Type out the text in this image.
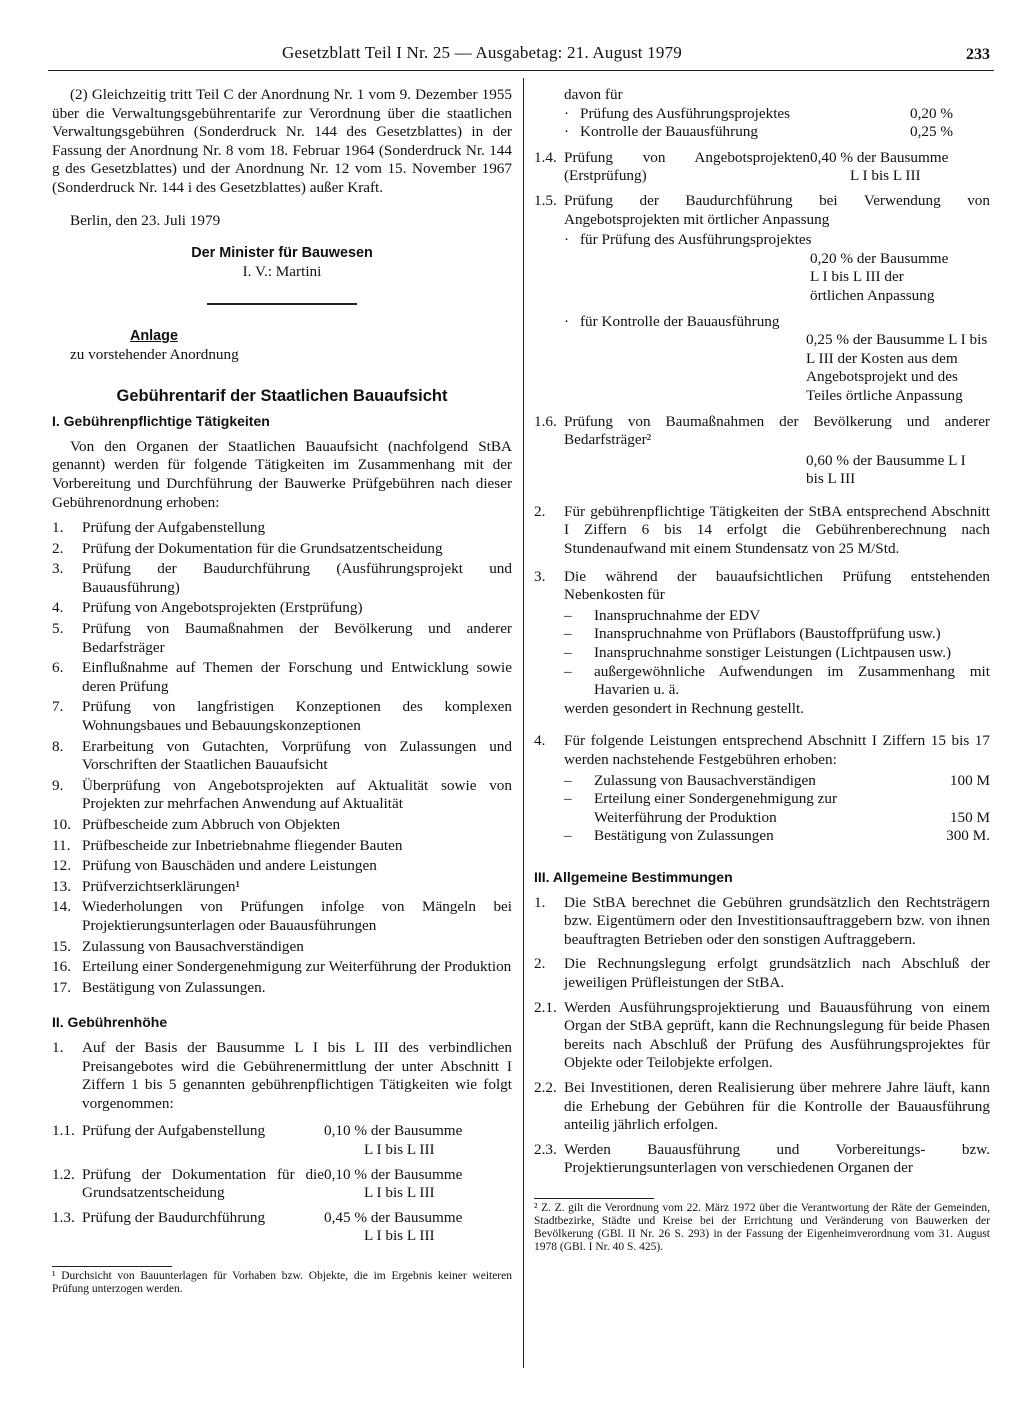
Gesetzblatt Teil I Nr. 25 — Ausgabetag: 21. August 1979	233

(2) Gleichzeitig tritt Teil C der Anordnung Nr. 1 vom 9. Dezember 1955 über die Verwaltungsgebührentarife zur Verordnung über die staatlichen Verwaltungsgebühren (Sonderdruck Nr. 144 des Gesetzblattes) in der Fassung der Anordnung Nr. 8 vom 18. Februar 1964 (Sonderdruck Nr. 144 g des Gesetzblattes) und der Anordnung Nr. 12 vom 15. November 1967 (Sonderdruck Nr. 144 i des Gesetzblattes) außer Kraft.

Berlin, den 23. Juli 1979

Der Minister für Bauwesen

I. V.: Martini

Anlage

zu vorstehender Anordnung

Gebührentarif der Staatlichen Bauaufsicht

I. Gebührenpflichtige Tätigkeiten

Von den Organen der Staatlichen Bauaufsicht (nachfolgend StBA genannt) werden für folgende Tätigkeiten im Zusammenhang mit der Vorbereitung und Durchführung der Bauwerke Prüfgebühren nach dieser Gebührenordnung erhoben:

1.	Prüfung der Aufgabenstellung
2.	Prüfung der Dokumentation für die Grundsatzentscheidung
3.	Prüfung der Baudurchführung (Ausführungsprojekt und Bauausführung)
4.	Prüfung von Angebotsprojekten (Erstprüfung)
5.	Prüfung von Baumaßnahmen der Bevölkerung und anderer Bedarfsträger
6.	Einflußnahme auf Themen der Forschung und Entwicklung sowie deren Prüfung
7.	Prüfung von langfristigen Konzeptionen des komplexen Wohnungsbaues und Bebauungskonzeptionen
8.	Erarbeitung von Gutachten, Vorprüfung von Zulassungen und Vorschriften der Staatlichen Bauaufsicht
9.	Überprüfung von Angebotsprojekten auf Aktualität sowie von Projekten zur mehrfachen Anwendung auf Aktualität
10. Prüfbescheide zum Abbruch von Objekten
11. Prüfbescheide zur Inbetriebnahme fliegender Bauten
12. Prüfung von Bauschäden und andere Leistungen
13. Prüfverzichtserklärungen¹
14. Wiederholungen von Prüfungen infolge von Mängeln bei Projektierungsunterlagen oder Bauausführungen
15. Zulassung von Bausachverständigen
16. Erteilung einer Sondergenehmigung zur Weiterführung der Produktion
17. Bestätigung von Zulassungen.

II. Gebührenhöhe

1.	Auf der Basis der Bausumme L I bis L III des verbindlichen Preisangebotes wird die Gebührenermittlung der unter Abschnitt I Ziffern 1 bis 5 genannten gebührenpflichtigen Tätigkeiten wie folgt vorgenommen:
1.1. Prüfung der Aufgabenstellung	0,10 % der Bausumme
L I bis L III
1.2. Prüfung der Dokumentation für die Grundsatzentscheidung
0,10 % der Bausumme
L I bis L III
1.3. Prüfung der Baudurchführung	0,45 % der Bausumme
L I bis L III

¹ Durchsicht von Bauunterlagen für Vorhaben bzw. Objekte, die im Ergebnis keiner weiteren Prüfung unterzogen werden.

davon für

· Prüfung des Ausführungsprojektes	0,20 %
· Kontrolle der Bauausführung	0,25 %
1.4. Prüfung von Angebotsprojekten (Erstprüfung)
0,40 % der Bausumme
L I bis L III
1.5. Prüfung der Baudurchführung bei Verwendung von Angebotsprojekten mit örtlicher Anpassung
· für Prüfung des Ausführungsprojektes

0,20 % der Bausumme L I bis L III der örtlichen Anpassung

· für Kontrolle der Bauausführung

0,25 % der Bausumme L I bis L III der Kosten aus dem Angebotsprojekt und des Teiles örtliche Anpassung

1.6. Prüfung von Baumaßnahmen der Bevölkerung und anderer Bedarfsträger²

0,60 % der Bausumme L I bis L III

2.	Für gebührenpflichtige Tätigkeiten der StBA entsprechend Abschnitt I Ziffern 6 bis 14 erfolgt die Gebührenberechnung nach Stundenaufwand mit einem Stundensatz von 25 M/Std.
3.	Die während der bauaufsichtlichen Prüfung entstehenden Nebenkosten für
–	Inanspruchnahme der EDV
–	Inanspruchnahme von Prüflabors (Baustoffprüfung usw.)
–	Inanspruchnahme sonstiger Leistungen (Lichtpausen usw.)
–	außergewöhnliche Aufwendungen im Zusammenhang mit Havarien u. ä.

werden gesondert in Rechnung gestellt.

4.	Für folgende Leistungen entsprechend Abschnitt I Ziffern 15 bis 17 werden nachstehende Festgebühren erhoben:
–	Zulassung von Bausachverständigen	100 M
–	Erteilung einer Sondergenehmigung zur Weiterführung der Produktion	150 M
–	Bestätigung von Zulassungen	300 M.

III. Allgemeine Bestimmungen

1.	Die StBA berechnet die Gebühren grundsätzlich den Rechtsträgern bzw. Eigentümern oder den Investitionsauftraggebern bzw. von ihnen beauftragten Betrieben oder den sonstigen Auftraggebern.
2.	Die Rechnungslegung erfolgt grundsätzlich nach Abschluß der jeweiligen Prüfleistungen der StBA.
2.1. Werden Ausführungsprojektierung und Bauausführung von einem Organ der StBA geprüft, kann die Rechnungslegung für beide Phasen bereits nach Abschluß der Prüfung des Ausführungsprojektes für Objekte oder Teilobjekte erfolgen.
2.2. Bei Investitionen, deren Realisierung über mehrere Jahre läuft, kann die Erhebung der Gebühren für die Kontrolle der Bauausführung anteilig jährlich erfolgen.
2.3. Werden Bauausführung und Vorbereitungs- bzw. Projektierungsunterlagen von verschiedenen Organen der

² Z. Z. gilt die Verordnung vom 22. März 1972 über die Verantwortung der Räte der Gemeinden, Stadtbezirke, Städte und Kreise bei der Errichtung und Veränderung von Bauwerken der Bevölkerung (GBl. II Nr. 26 S. 293) in der Fassung der Eigenheimverordnung vom 31. August 1978 (GBl. I Nr. 40 S. 425).
